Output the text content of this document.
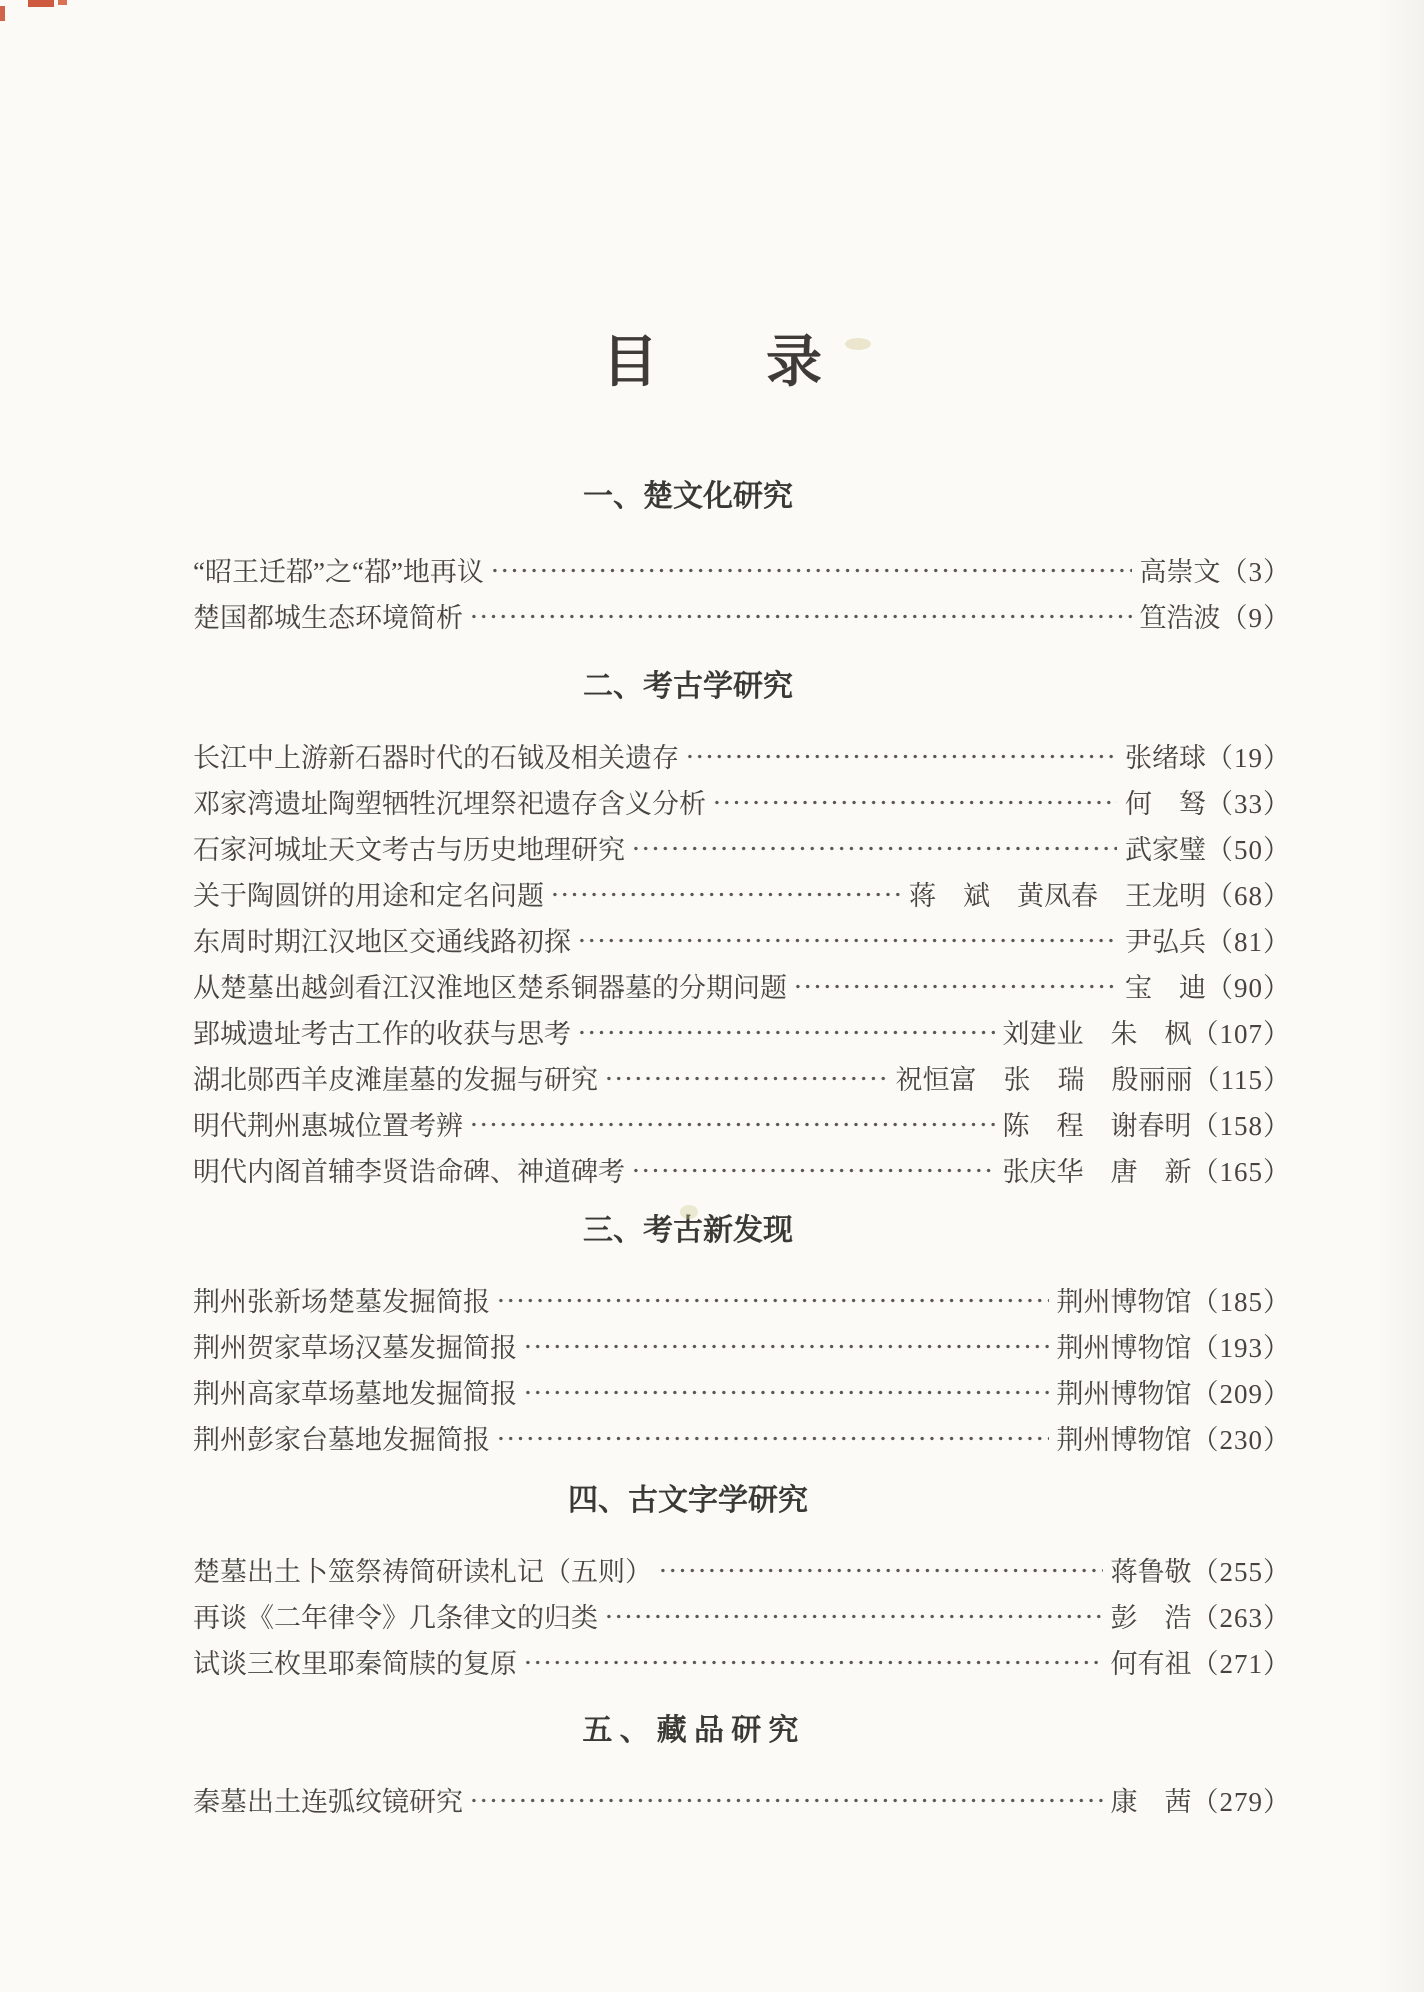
目　录
一、楚文化研究
“昭王迁鄀”之“鄀”地再议	高崇文 （3）
楚国都城生态环境简析	笪浩波 （9）
二、考古学研究
长江中上游新石器时代的石钺及相关遗存	张绪球 （19）
邓家湾遗址陶塑牺牲沉埋祭祀遗存含义分析	何　驽 （33）
石家河城址天文考古与历史地理研究	武家璧 （50）
关于陶圆饼的用途和定名问题	蒋　斌　黄凤春　王龙明 （68）
东周时期江汉地区交通线路初探	尹弘兵 （81）
从楚墓出越剑看江汉淮地区楚系铜器墓的分期问题	宝　迪 （90）
郢城遗址考古工作的收获与思考	刘建业　朱　枫 （107）
湖北郧西羊皮滩崖墓的发掘与研究	祝恒富　张　瑞　殷丽丽 （115）
明代荆州惠城位置考辨	陈　程　谢春明 （158）
明代内阁首辅李贤诰命碑、神道碑考	张庆华　唐　新 （165）
三、考古新发现
荆州张新场楚墓发掘简报	荆州博物馆 （185）
荆州贺家草场汉墓发掘简报	荆州博物馆 （193）
荆州高家草场墓地发掘简报	荆州博物馆 （209）
荆州彭家台墓地发掘简报	荆州博物馆 （230）
四、古文字学研究
楚墓出土卜筮祭祷简研读札记（五则）	蒋鲁敬 （255）
再谈《二年律令》几条律文的归类	彭　浩 （263）
试谈三枚里耶秦简牍的复原	何有祖 （271）
五、藏品研究
秦墓出土连弧纹镜研究	康　茜 （279）
